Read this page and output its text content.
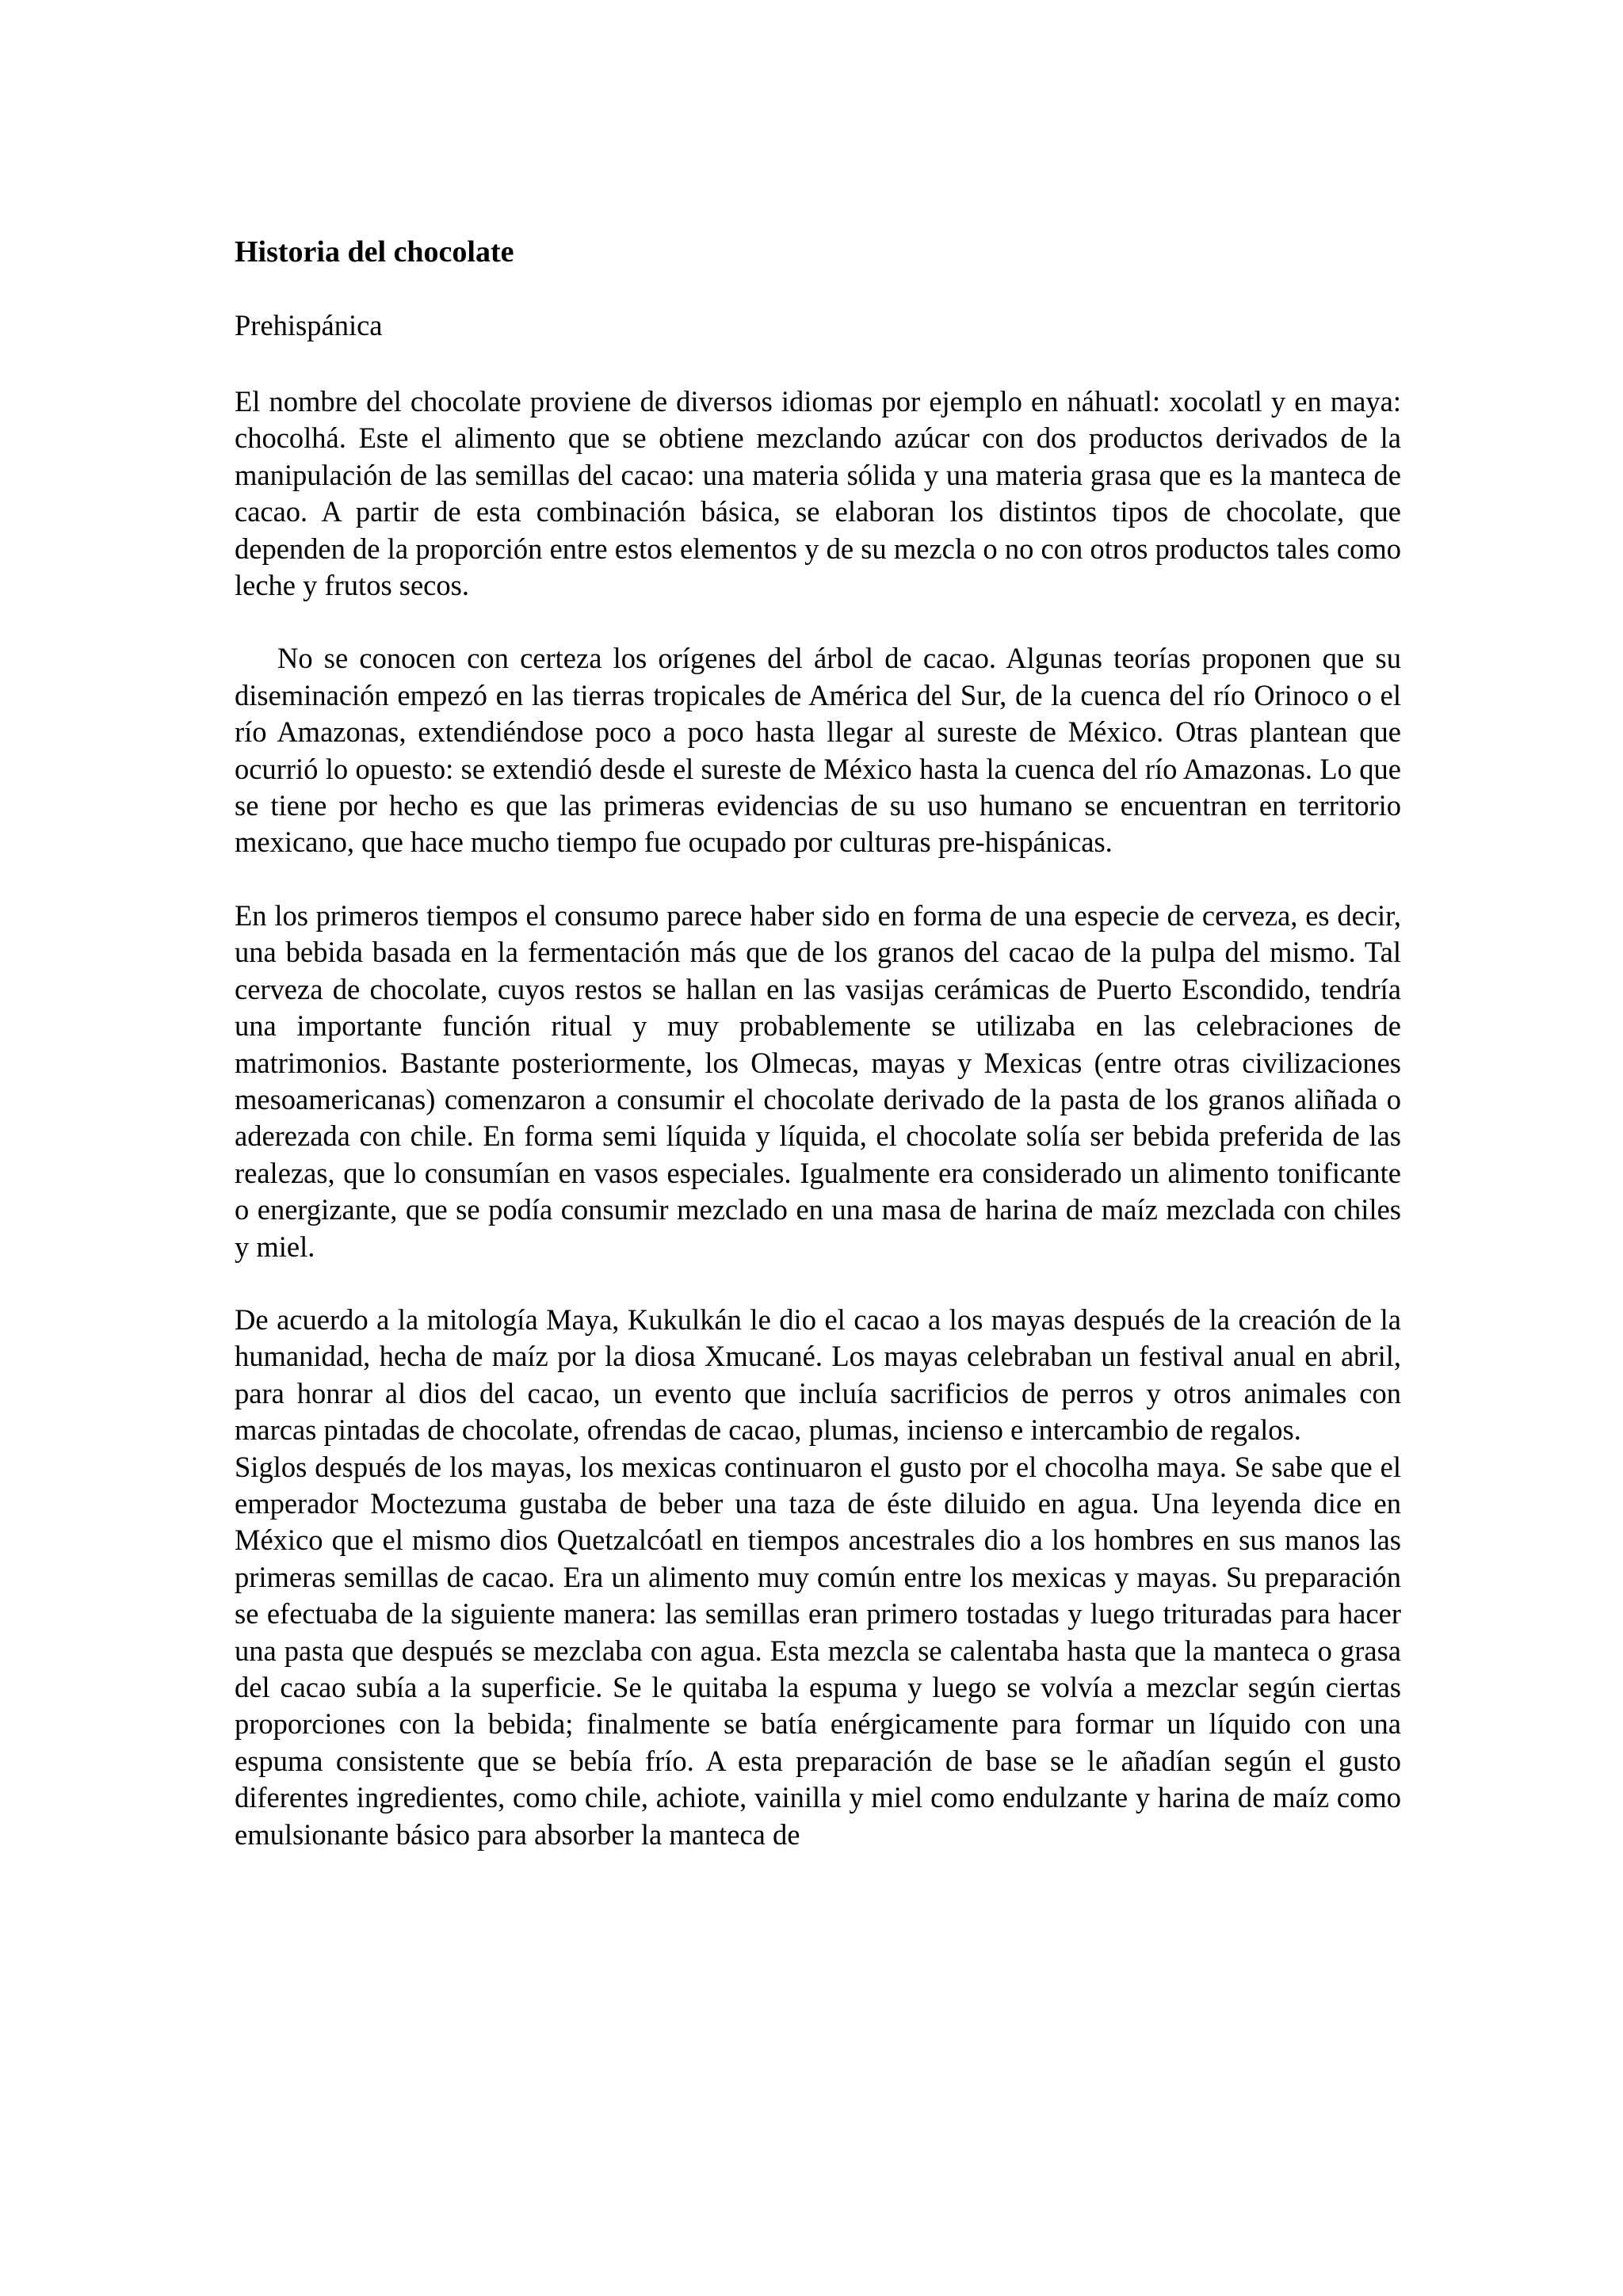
Historia del chocolate
Prehispánica

El nombre del chocolate proviene de diversos idiomas por ejemplo en náhuatl: xocolatl y en maya: chocolhá. Este el alimento que se obtiene mezclando azúcar con dos productos derivados de la manipulación de las semillas del cacao: una materia sólida y una materia grasa que es la manteca de cacao. A partir de esta combinación básica, se elaboran los distintos tipos de chocolate, que dependen de la proporción entre estos elementos y de su mezcla o no con otros productos tales como leche y frutos secos.

No se conocen con certeza los orígenes del árbol de cacao. Algunas teorías proponen que su diseminación empezó en las tierras tropicales de América del Sur, de la cuenca del río Orinoco o el río Amazonas, extendiéndose poco a poco hasta llegar al sureste de México. Otras plantean que ocurrió lo opuesto: se extendió desde el sureste de México hasta la cuenca del río Amazonas. Lo que se tiene por hecho es que las primeras evidencias de su uso humano se encuentran en territorio mexicano, que hace mucho tiempo fue ocupado por culturas pre-hispánicas.

En los primeros tiempos el consumo parece haber sido en forma de una especie de cerveza, es decir, una bebida basada en la fermentación más que de los granos del cacao de la pulpa del mismo. Tal cerveza de chocolate, cuyos restos se hallan en las vasijas cerámicas de Puerto Escondido, tendría una importante función ritual y muy probablemente se utilizaba en las celebraciones de matrimonios. Bastante posteriormente, los Olmecas, mayas y Mexicas (entre otras civilizaciones mesoamericanas) comenzaron a consumir el chocolate derivado de la pasta de los granos aliñada o aderezada con chile. En forma semi líquida y líquida, el chocolate solía ser bebida preferida de las realezas, que lo consumían en vasos especiales. Igualmente era considerado un alimento tonificante o energizante, que se podía consumir mezclado en una masa de harina de maíz mezclada con chiles y miel.

De acuerdo a la mitología Maya, Kukulkán le dio el cacao a los mayas después de la creación de la humanidad, hecha de maíz por la diosa Xmucané. Los mayas celebraban un festival anual en abril, para honrar al dios del cacao, un evento que incluía sacrificios de perros y otros animales con marcas pintadas de chocolate, ofrendas de cacao, plumas, incienso e intercambio de regalos.

Siglos después de los mayas, los mexicas continuaron el gusto por el chocolha maya. Se sabe que el emperador Moctezuma gustaba de beber una taza de éste diluido en agua. Una leyenda dice en México que el mismo dios Quetzalcóatl en tiempos ancestrales dio a los hombres en sus manos las primeras semillas de cacao. Era un alimento muy común entre los mexicas y mayas. Su preparación se efectuaba de la siguiente manera: las semillas eran primero tostadas y luego trituradas para hacer una pasta que después se mezclaba con agua. Esta mezcla se calentaba hasta que la manteca o grasa del cacao subía a la superficie. Se le quitaba la espuma y luego se volvía a mezclar según ciertas proporciones con la bebida; finalmente se batía enérgicamente para formar un líquido con una espuma consistente que se bebía frío. A esta preparación de base se le añadían según el gusto diferentes ingredientes, como chile, achiote, vainilla y miel como endulzante y harina de maíz como emulsionante básico para absorber la manteca de
